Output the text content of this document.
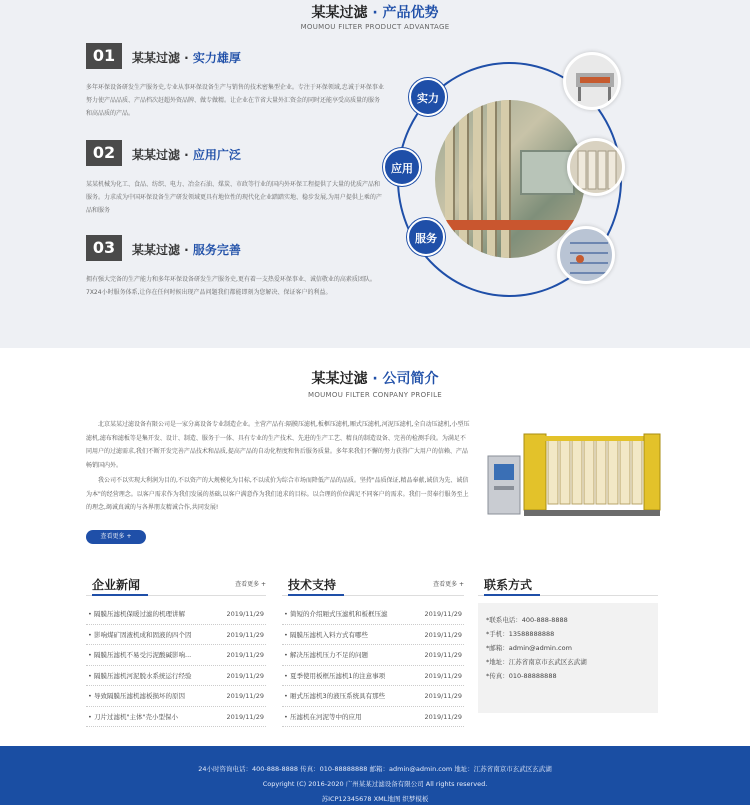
某某过滤 · 产品优势
MOUMOU FILTER PRODUCT ADVANTAGE
01	某某过滤 · 实力雄厚
多年环保设备研发生产服务史,专业从事环保设备生产与销售的技术密集型企业。专注于环保领域,忠诚于环保事业努力使产品品质、产品档次赶超外资品牌、做专做精。让企业在节省大量外汇资金的同时还能享受高质量的服务和高品质的产品。
02	某某过滤 · 应用广泛
某某机械为化工、食品、纺织、电力、冶金石油、煤炭、市政等行业的国内外环保工程提供了大量的优质产品和服务。力求成为中国环保设备生产研发领域更具有地位性的现代化企业踏踏实地、稳步发展,为用户提供上乘的产品和服务
03	某某过滤 · 服务完善
拥有强大完备的生产能力和多年环保设备研发生产服务史,更有着一支热爱环保事业、诚信敬业的高素质团队。7X24小时服务体系,让你在任何时候出现产品问题我们都能即刻为您解决、保证客户的利益。
实力
应用
服务
某某过滤 · 公司简介
MOUMOU FILTER CONPANY PROFILE

北京某某过滤设备有限公司是一家分离设备专业制造企业。主营产品有:隔膜压滤机,板框压滤机,厢式压滤机,河泥压滤机,全自动压滤机,小型压滤机,滤布和滤板等是集开发、设计、制造、服务于一体、具有专业的生产技术、先进的生产工艺、精良的制造设备、完善的检测手段。为满足不同用户的过滤需求,我们不断开发完善产品技术和品质,提高产品的自动化程度和售后服务质量。多年来我们不懈的努力获得广大用户的信赖、产品畅销国内外。

我公司不以实现大利润为目的,不以资产的大规模化为目标,不以成价为综合市场而降低产品的品质。坚持"品质保证,精品奉献,诚信为先、诚信为本"的经营理念。以客户需求作为我们发展的基础,以客户满意作为我们追求的目标。以合理的价位满足不同客户的需求。我们一贯奉行服务至上的理念,竭诚真诚的与各界朋友精诚合作,共同发展!

查看更多 +
企业新闻	查看更多 +
• 隔膜压滤机保暖过滤的机理讲解	2019/11/29
• 影响煤矿固液机成和固液的四个因	2019/11/29
• 隔膜压滤机不易受污泥酸碱影响...	2019/11/29
• 隔膜压滤机河泥脱水系统运行经验	2019/11/29
• 导致隔膜压滤机滤板损坏的原因	2019/11/29
• 刀片过滤机"主体"壳小型保小	2019/11/29
技术支持	查看更多 +
• 简短的介绍厢式压滤机和板框压滤	2019/11/29
• 隔膜压滤机入料方式有哪些	2019/11/29
• 解决压滤机压力不足的问题	2019/11/29
• 夏季使用板框压滤机1的注意事项	2019/11/29
• 厢式压滤机3的液压系统具有那些	2019/11/29
• 压滤机在河泥等中的应用	2019/11/29
联系方式
*联系电话：400-888-8888
*手机：13588888888
*邮箱：admin@admin.com
*地址：江苏省南京市玄武区玄武湖
*传真：010-88888888
24小时咨询电话：400-888-8888 传真：010-88888888 邮箱：admin@admin.com 地址：江苏省南京市玄武区玄武湖
Copyright (C) 2016-2020 广州某某过滤设备有限公司 All rights reserved.
苏ICP12345678 XML地图 织梦模板
